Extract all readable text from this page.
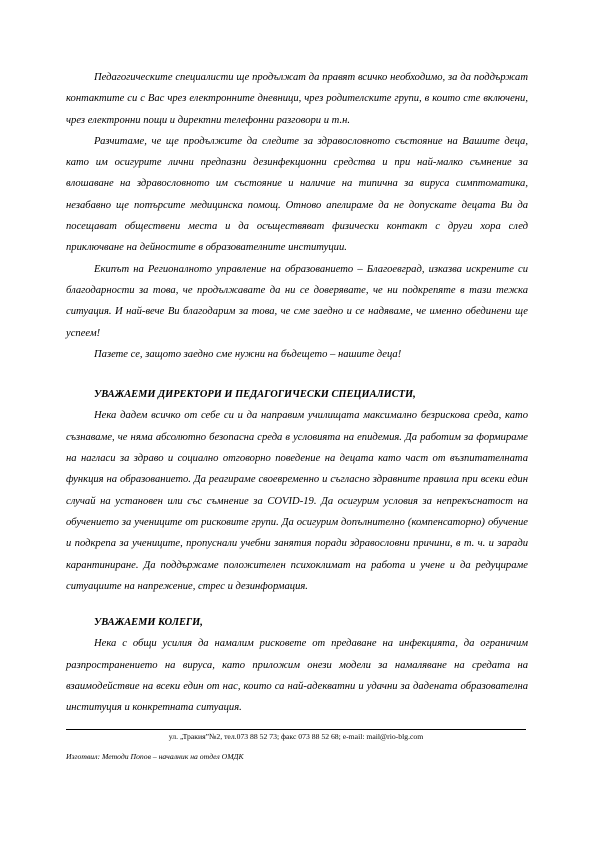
Педагогическите специалисти ще продължат да правят всичко необходимо, за да поддържат контактите си с Вас чрез електронните дневници, чрез родителските групи, в които сте включени, чрез електронни пощи и директни телефонни разговори и т.н.

Разчитаме, че ще продължите да следите за здравословното състояние на Вашите деца, като им осигурите лични предпазни дезинфекционни средства и при най-малко съмнение за влошаване на здравословното им състояние и наличие на типична за вируса симптоматика, незабавно ще потърсите медицинска помощ. Отново апелираме да не допускате децата Ви да посещават обществени места и да осъществяват физически контакт с други хора след приключване на дейностите в образователните институции.

Екипът на Регионалното управление на образованието – Благоевград, изказва искрените си благодарности за това, че продължавате да ни се доверявате, че ни подкрепяте в тази тежка ситуация. И най-вече Ви благодарим за това, че сме заедно и се надяваме, че именно обединени ще успеем!

Пазете се, защото заедно сме нужни на бъдещето – нашите деца!

УВАЖАЕМИ ДИРЕКТОРИ И ПЕДАГОГИЧЕСКИ СПЕЦИАЛИСТИ,

Нека дадем всичко от себе си и да направим училищата максимално безрискова среда, като съзнаваме, че няма абсолютно безопасна среда в условията на епидемия. Да работим за формираме на нагласи за здраво и социално отговорно поведение на децата като част от възпитателната функция на образованието. Да реагираме своевременно и съгласно здравните правила при всеки един случай на установен или със съмнение за COVID-19. Да осигурим условия за непрекъснатост на обучението за учениците от рисковите групи. Да осигурим допълнително (компенсаторно) обучение и подкрепа за учениците, пропуснали учебни занятия поради здравословни причини, в т. ч. и заради карантиниране. Да поддържаме положителен психоклимат на работа и учене и да редуцираме ситуациите на напрежение, стрес и дезинформация.

УВАЖАЕМИ КОЛЕГИ,

Нека с общи усилия да намалим рисковете от предаване на инфекцията, да ограничим разпространението на вируса, като приложим онези модели за намаляване на средата на взаимодействие на всеки един от нас, които са най-адекватни и удачни за дадената образователна институция и конкретната ситуация.

ул. „Тракия”№2, тел.073 88 52 73; факс 073 88 52 68; e-mail: mail@rio-blg.com
Изготвил: Методи Попов – началник на отдел ОМДК
